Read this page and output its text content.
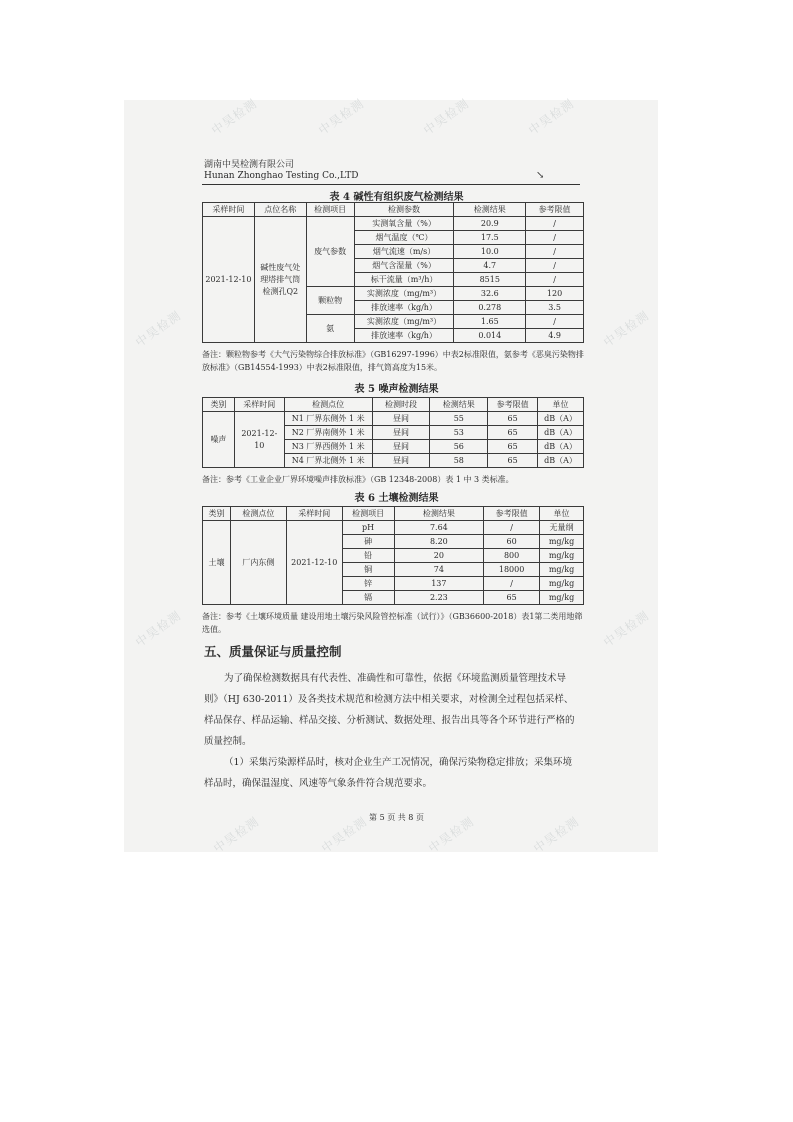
中昊检测	中昊检测	中昊检测	中昊检测
中昊检测	中昊检测
中昊检测	中昊检测
中昊检测	中昊检测	中昊检测	中昊检测
湖南中昊检测有限公司
Hunan Zhonghao Testing Co.,LTD	↘
表 4 碱性有组织废气检测结果
采样时间	点位名称	检测项目	检测参数	检测结果	参考限值
2021-12-10	碱性废气处理塔排气筒检测孔Q2	废气参数	实测氧含量（%）	20.9	/
			烟气温度（℃）	17.5	/
			烟气流速（m/s）	10.0	/
			烟气含湿量（%）	4.7	/
			标干流量（m³/h）	8515	/
		颗粒物	实测浓度（mg/m³）	32.6	120
			排放速率（kg/h）	0.278	3.5
		氨	实测浓度（mg/m³）	1.65	/
			排放速率（kg/h）	0.014	4.9
备注：颗粒物参考《大气污染物综合排放标准》（GB16297-1996）中表2标准限值，氨参考《恶臭污染物排放标准》（GB14554-1993）中表2标准限值，排气筒高度为15米。
表 5 噪声检测结果
类别	采样时间	检测点位	检测时段	检测结果	参考限值	单位
噪声	2021-12-10	N1 厂界东侧外 1 米	昼间	55	65	dB（A）
		N2 厂界南侧外 1 米	昼间	53	65	dB（A）
		N3 厂界西侧外 1 米	昼间	56	65	dB（A）
		N4 厂界北侧外 1 米	昼间	58	65	dB（A）
备注：参考《工业企业厂界环境噪声排放标准》（GB 12348-2008）表 1 中 3 类标准。
表 6 土壤检测结果
类别	检测点位	采样时间	检测项目	检测结果	参考限值	单位
土壤	厂内东侧	2021-12-10	pH	7.64	/	无量纲
			砷	8.20	60	mg/kg
			铅	20	800	mg/kg
			铜	74	18000	mg/kg
			锌	137	/	mg/kg
			镉	2.23	65	mg/kg
备注：参考《土壤环境质量 建设用地土壤污染风险管控标准（试行）》（GB36600-2018）表1第二类用地筛选值。
五、质量保证与质量控制
为了确保检测数据具有代表性、准确性和可靠性，依据《环境监测质量管理技术导则》（HJ 630-2011）及各类技术规范和检测方法中相关要求，对检测全过程包括采样、样品保存、样品运输、样品交接、分析测试、数据处理、报告出具等各个环节进行严格的质量控制。
（1）采集污染源样品时，核对企业生产工况情况，确保污染物稳定排放；采集环境样品时，确保温湿度、风速等气象条件符合规范要求。
第 5 页 共 8 页
